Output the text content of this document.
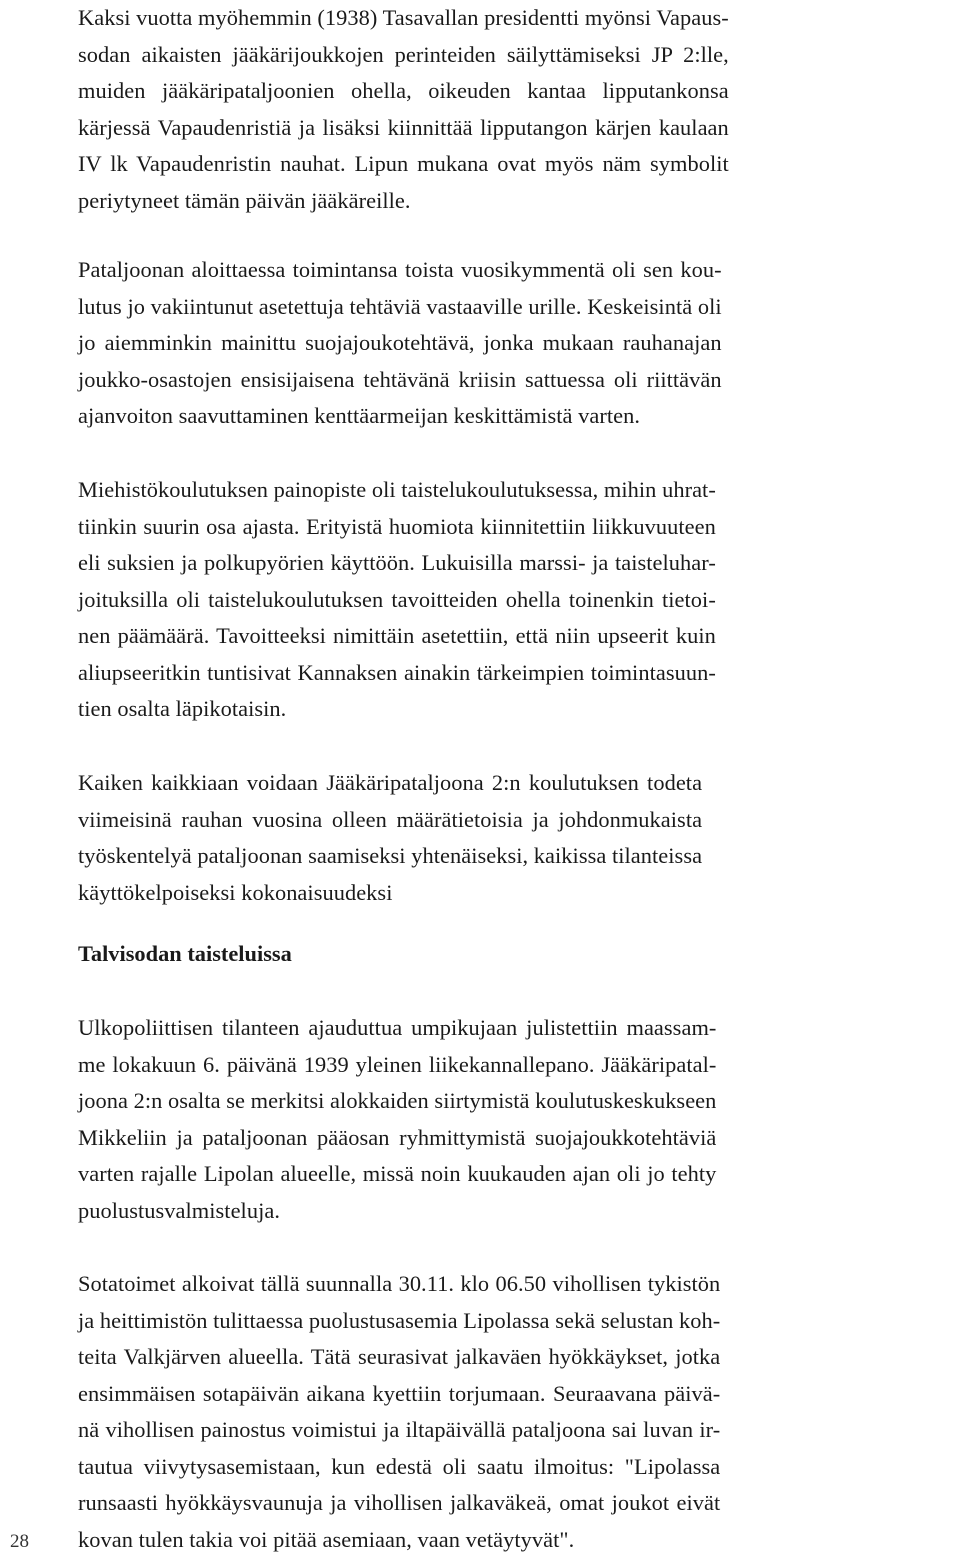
Kaksi vuotta myöhemmin (1938) Tasavallan presidentti myönsi Vapaus-
sodan aikaisten jääkärijoukkojen perinteiden säilyttämiseksi JP 2:lle,
muiden jääkäripataljoonien ohella, oikeuden kantaa lipputankonsa
kärjessä Vapaudenristiä ja lisäksi kiinnittää lipputangon kärjen kaulaan
IV lk Vapaudenristin nauhat. Lipun mukana ovat myös näm symbolit
periytyneet tämän päivän jääkäreille.

Pataljoonan aloittaessa toimintansa toista vuosikymmentä oli sen kou-
lutus jo vakiintunut asetettuja tehtäviä vastaaville urille. Keskeisintä oli
jo aiemminkin mainittu suojajoukotehtävä, jonka mukaan rauhanajan
joukko-osastojen ensisijaisena tehtävänä kriisin sattuessa oli riittävän
ajanvoiton saavuttaminen kenttäarmeijan keskittämistä varten.

Miehistökoulutuksen painopiste oli taistelukoulutuksessa, mihin uhrat-
tiinkin suurin osa ajasta. Erityistä huomiota kiinnitettiin liikkuvuuteen
eli suksien ja polkupyörien käyttöön. Lukuisilla marssi- ja taisteluhar-
joituksilla oli taistelukoulutuksen tavoitteiden ohella toinenkin tietoi-
nen päämäärä. Tavoitteeksi nimittäin asetettiin, että niin upseerit kuin
aliupseeritkin tuntisivat Kannaksen ainakin tärkeimpien toimintasuun-
tien osalta läpikotaisin.

Kaiken kaikkiaan voidaan Jääkäripataljoona 2:n koulutuksen todeta
viimeisinä rauhan vuosina olleen määrätietoisia ja johdonmukaista
työskentelyä pataljoonan saamiseksi yhtenäiseksi, kaikissa tilanteissa
käyttökelpoiseksi kokonaisuudeksi

Talvisodan taisteluissa

Ulkopoliittisen tilanteen ajauduttua umpikujaan julistettiin maassam-
me lokakuun 6. päivänä 1939 yleinen liikekannallepano. Jääkäripatal-
joona 2:n osalta se merkitsi alokkaiden siirtymistä koulutuskeskukseen
Mikkeliin ja pataljoonan pääosan ryhmittymistä suojajoukkotehtäviä
varten rajalle Lipolan alueelle, missä noin kuukauden ajan oli jo tehty
puolustusvalmisteluja.

Sotatoimet alkoivat tällä suunnalla 30.11. klo 06.50 vihollisen tykistön
ja heittimistön tulittaessa puolustusasemia Lipolassa sekä selustan koh-
teita Valkjärven alueella. Tätä seurasivat jalkaväen hyökkäykset, jotka
ensimmäisen sotapäivän aikana kyettiin torjumaan. Seuraavana päivä-
nä vihollisen painostus voimistui ja iltapäivällä pataljoona sai luvan ir-
tautua viivytysasemistaan, kun edestä oli saatu ilmoitus: "Lipolassa
runsaasti hyökkäysvaunuja ja vihollisen jalkaväkeä, omat joukot eivät
kovan tulen takia voi pitää asemiaan, vaan vetäytyvät".

28
